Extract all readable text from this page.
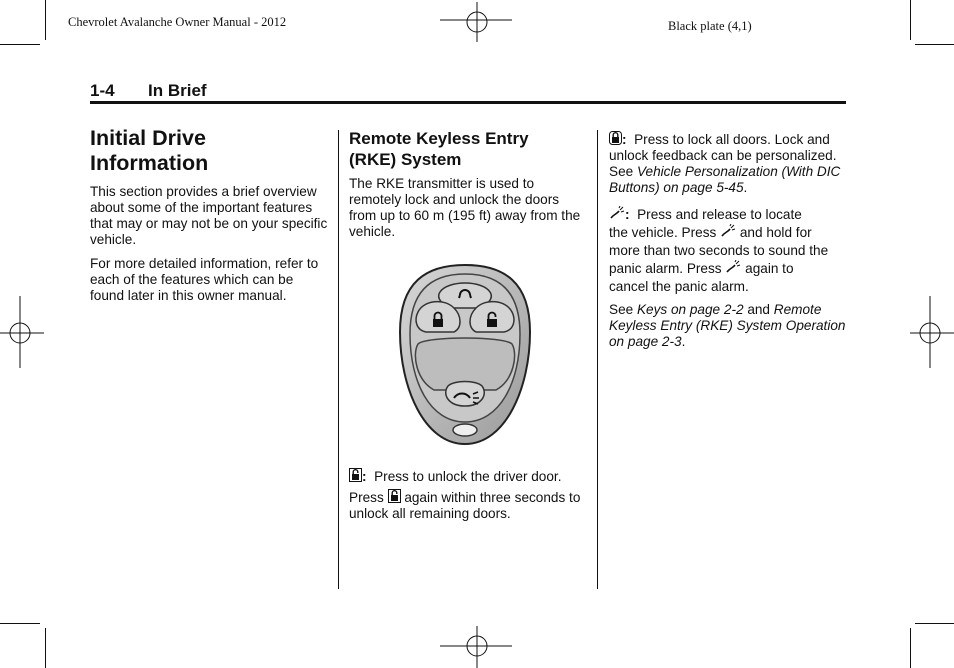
Chevrolet Avalanche Owner Manual - 2012	Black plate (4,1)
1-4 In Brief
Initial Drive
Information

This section provides a brief overview about some of the important features that may or may not be on your specific vehicle.

For more detailed information, refer to each of the features which can be found later in this owner manual.

Remote Keyless Entry
(RKE) System

The RKE transmitter is used to remotely lock and unlock the doors from up to 60 m (195 ft) away from the vehicle.

: Press to unlock the driver door.
Press again within three seconds to unlock all remaining doors.

: Press to lock all doors. Lock and unlock feedback can be personalized. See Vehicle Personalization (With DIC Buttons) on page 5-45.

: Press and release to locate
the vehicle. Press and hold for
more than two seconds to sound the
panic alarm. Press again to
cancel the panic alarm.

See Keys on page 2-2 and Remote Keyless Entry (RKE) System Operation on page 2-3.
